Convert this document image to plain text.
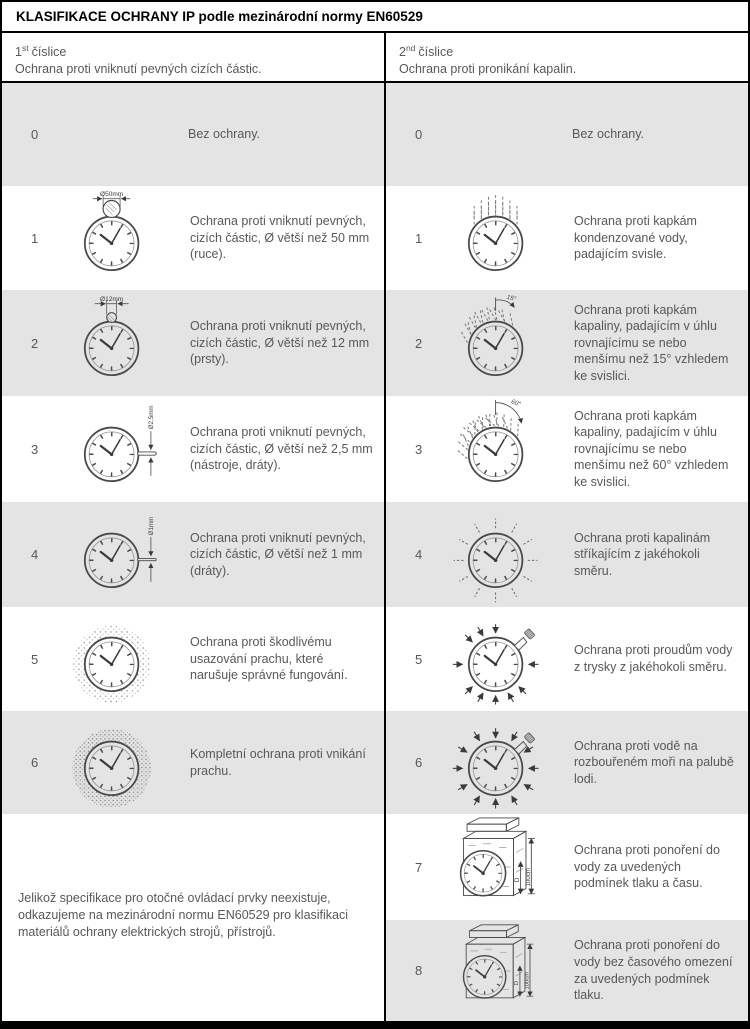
KLASIFIKACE OCHRANY IP podle mezinárodní normy EN60529
1st číslice
Ochrana proti vniknutí pevných cizích částic.
2nd číslice
Ochrana proti pronikání kapalin.
0	Bez ochrany.
1
Ø50mm
Ochrana proti vniknutí pevných, cizích částic, Ø větší než 50 mm (ruce).
2
Ø12mm
Ochrana proti vniknutí pevných, cizích částic, Ø větší než 12 mm (prsty).
3
Ø2,5mm
Ochrana proti vniknutí pevných, cizích částic, Ø větší než 2,5 mm (nástroje, dráty).
4
Ø1mm
Ochrana proti vniknutí pevných, cizích částic, Ø větší než 1 mm (dráty).
5
Ochrana proti škodlivému usazování prachu, které narušuje správné fungování.
6
Kompletní ochrana proti vnikání prachu.
Jelikož specifikace pro otočné ovládací prvky neexistuje, odkazujeme na mezinárodní normu EN60529 pro klasifikaci materiálů ochrany elektrických strojů, přístrojů.
0	Bez ochrany.
1
Ochrana proti kapkám kondenzované vody, padajícím svisle.
2
15°
Ochrana proti kapkám kapaliny, padajícím v úhlu rovnajícímu se nebo menšímu než 15° vzhledem ke svislici.
3
60°
Ochrana proti kapkám kapaliny, padajícím v úhlu rovnajícímu se nebo menšímu než 60° vzhledem ke svislici.
4
Ochrana proti kapalinám stříkajícím z jakéhokoli směru.
5
Ochrana proti proudům vody z trysky z jakéhokoli směru.
6
Ochrana proti vodě na rozbouřeném moři na palubě lodi.
7
D 100cm
Ochrana proti ponoření do vody za uvedených podmínek tlaku a času.
8
D 100cm
Ochrana proti ponoření do vody bez časového omezení za uvedených podmínek tlaku.
